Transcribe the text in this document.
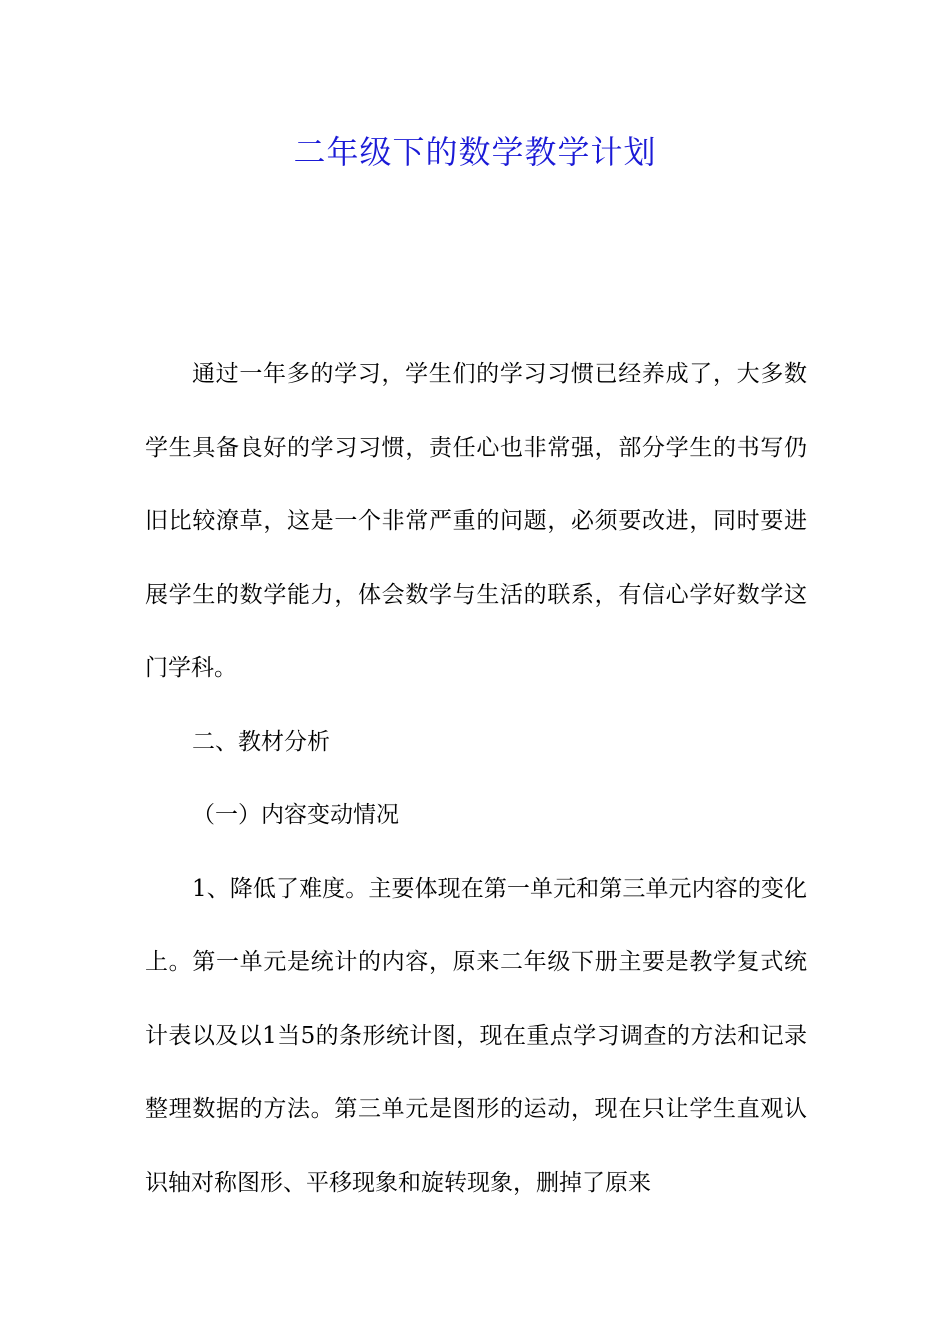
二年级下的数学教学计划

通过一年多的学习，学生们的学习习惯已经养成了，大多数学生具备良好的学习习惯，责任心也非常强，部分学生的书写仍旧比较潦草，这是一个非常严重的问题，必须要改进，同时要进展学生的数学能力，体会数学与生活的联系，有信心学好数学这门学科。

二、教材分析

（一）内容变动情况

1、降低了难度。主要体现在第一单元和第三单元内容的变化上。第一单元是统计的内容，原来二年级下册主要是教学复式统计表以及以1当5的条形统计图，现在重点学习调查的方法和记录整理数据的方法。第三单元是图形的运动，现在只让学生直观认识轴对称图形、平移现象和旋转现象，删掉了原来
